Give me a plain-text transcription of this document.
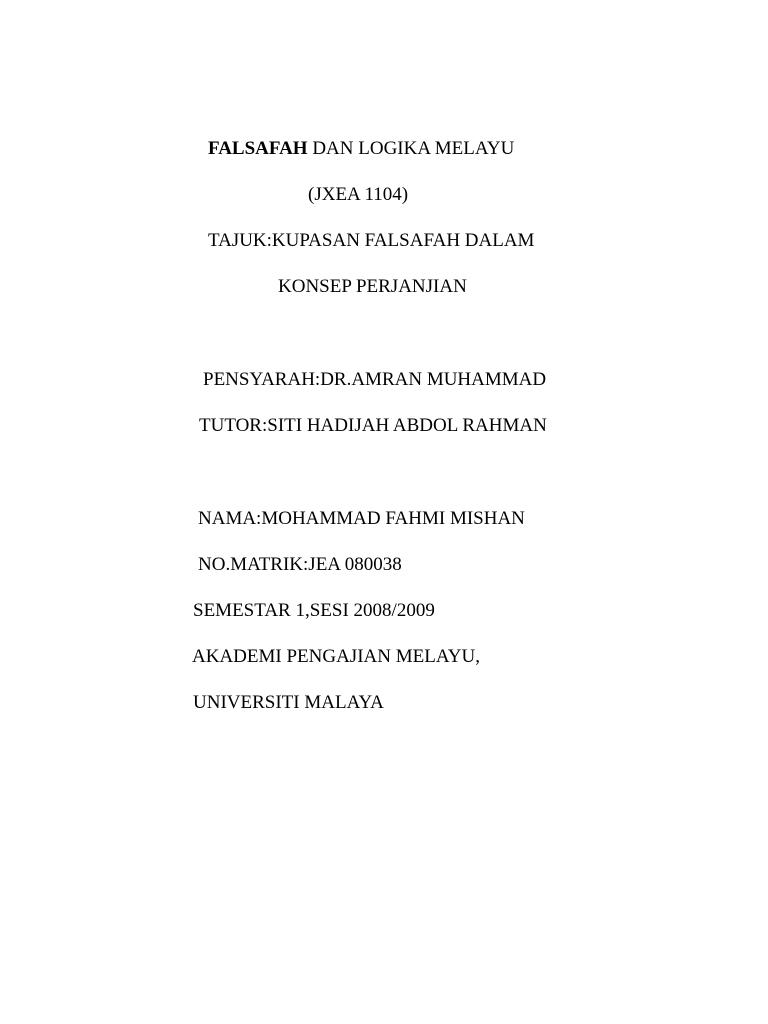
FALSAFAH DAN LOGIKA MELAYU
(JXEA 1104)
TAJUK:KUPASAN FALSAFAH DALAM
KONSEP PERJANJIAN
PENSYARAH:DR.AMRAN MUHAMMAD
TUTOR:SITI HADIJAH ABDOL RAHMAN
NAMA:MOHAMMAD FAHMI MISHAN
NO.MATRIK:JEA 080038
SEMESTAR 1,SESI 2008/2009
AKADEMI PENGAJIAN MELAYU,
UNIVERSITI MALAYA
